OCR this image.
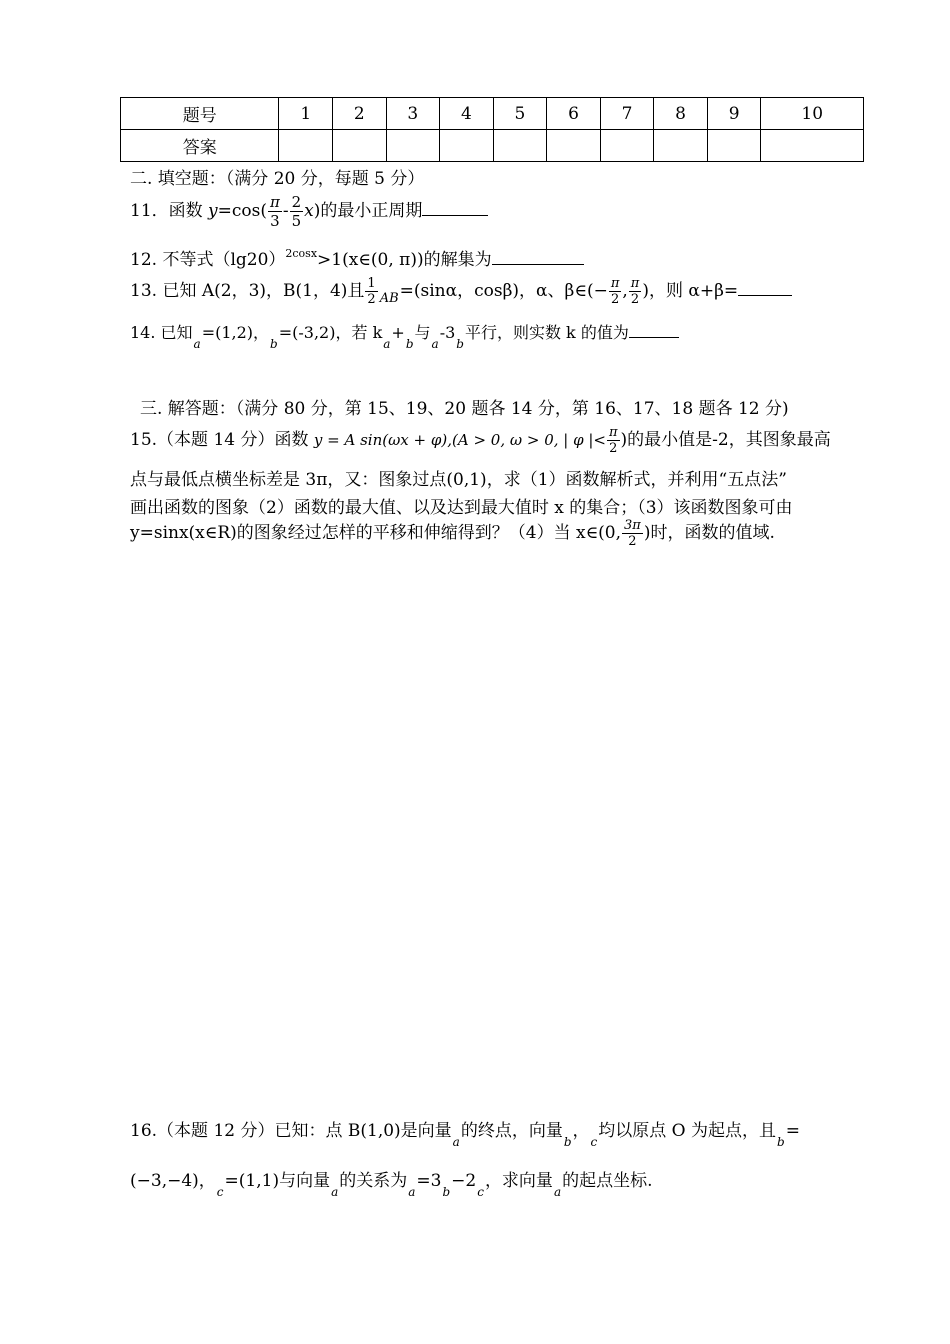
题号	1	2	3	4	5	6	7	8	9	10
答案										
二. 填空题：（满分 20 分，每题 5 分）
11．函数 $y=\cos( \frac{\pi}{3} - \frac{2}{5} x)$的最小正周期
12. 不等式$(\lg 20)^{2cosx}>1(x\in(0$, π))的解集为
13. 已知 A(2，3)，B(1，4)且 $\frac{1}{2} AB=(\sin\alpha$，cosβ)，α、β∈(− $\frac{\pi}{2}$ , $\frac{\pi}{2}$ )，则 α+β=
14. 已知a=(1,2)，b=(-3,2)，若 ka+b与a-3b平行，则实数 k 的值为
三. 解答题：（满分 80 分，第 15、19、20 题各 14 分，第 16、17、18 题各 12 分)
15.（本题 14 分）函数 y = A sin(ωx + φ),(A > 0, ω > 0, | φ |< $\frac{\pi}{2}$ )的最小值是-2，其图象最高
点与最低点横坐标差是 3π，又：图象过点(0,1)，求（1）函数解析式，并利用“五点法”
画出函数的图象（2）函数的最大值、以及达到最大值时 x 的集合；（3）该函数图象可由
y=sinx(x∈R)的图象经过怎样的平移和伸缩得到？（4）当 x∈(0, $\frac{3\pi}{2}$ )时，函数的值域.
16.（本题 12 分）已知：点 B(1,0)是向量a的终点，向量b，c均以原点 O 为起点，且b=
(−3,−4)，c=(1,1)与向量a的关系为a=3b−2c，求向量a的起点坐标.
